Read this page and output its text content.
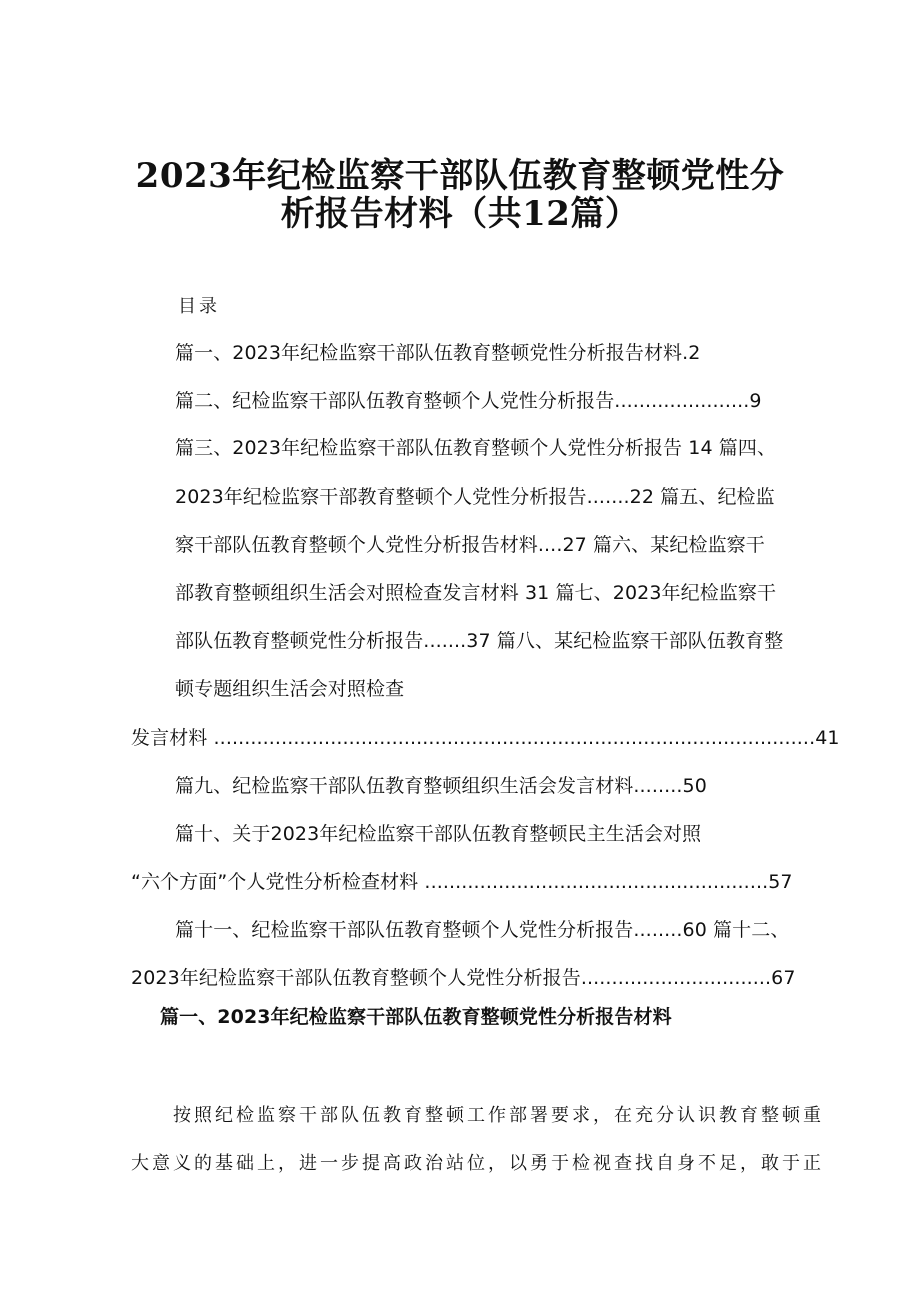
2023年纪检监察干部队伍教育整顿党性分
析报告材料（共12篇）
目录
篇一、2023年纪检监察干部队伍教育整顿党性分析报告材料.2
篇二、纪检监察干部队伍教育整顿个人党性分析报告......................9
篇三、2023年纪检监察干部队伍教育整顿个人党性分析报告 14 篇四、
2023年纪检监察干部教育整顿个人党性分析报告.......22 篇五、纪检监
察干部队伍教育整顿个人党性分析报告材料....27 篇六、某纪检监察干
部教育整顿组织生活会对照检查发言材料 31 篇七、2023年纪检监察干
部队伍教育整顿党性分析报告.......37 篇八、某纪检监察干部队伍教育整
顿专题组织生活会对照检查
发言材料 ..................................................................................................41
篇九、纪检监察干部队伍教育整顿组织生活会发言材料........50
篇十、关于2023年纪检监察干部队伍教育整顿民主生活会对照
“六个方面”个人党性分析检查材料 ........................................................57
篇十一、纪检监察干部队伍教育整顿个人党性分析报告........60 篇十二、
2023年纪检监察干部队伍教育整顿个人党性分析报告...............................67
篇一、2023年纪检监察干部队伍教育整顿党性分析报告材料
按照纪检监察干部队伍教育整顿工作部署要求，在充分认识教育整顿重
大意义的基础上，进一步提高政治站位，以勇于检视查找自身不足，敢于正
